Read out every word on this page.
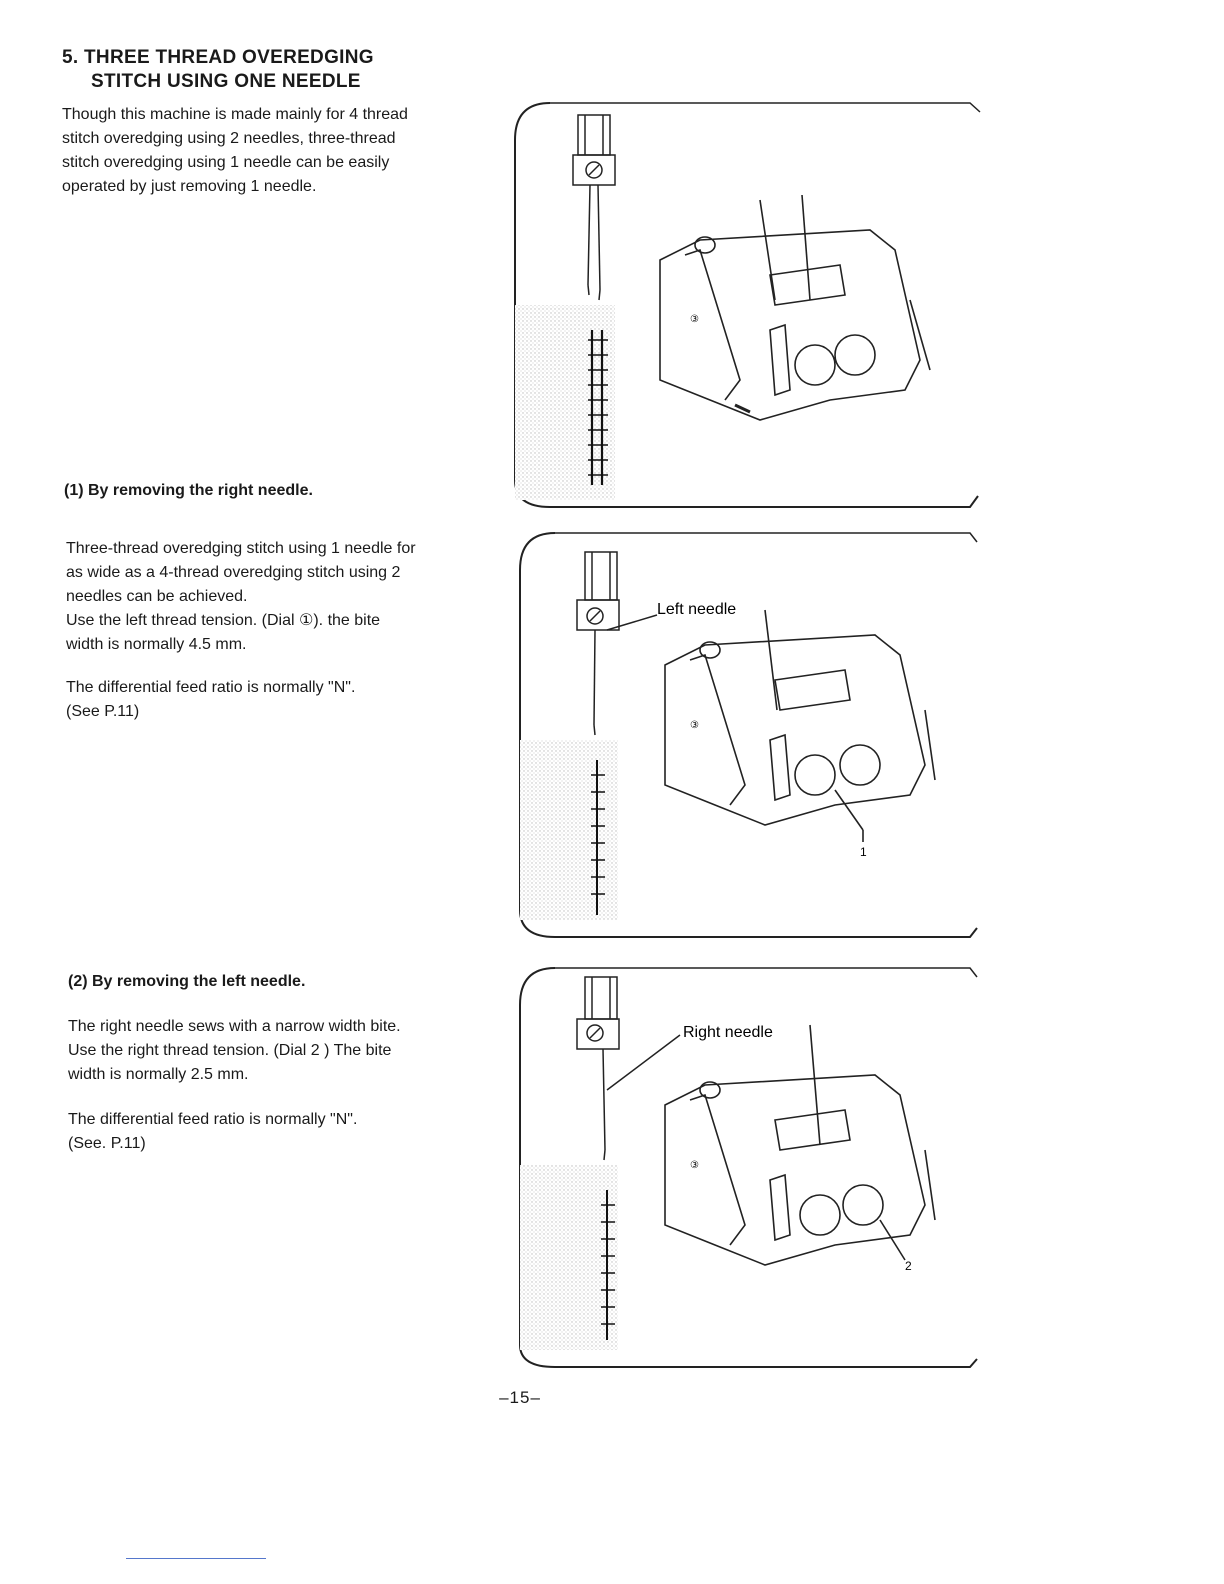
5. THREE THREAD OVEREDGING
STITCH USING ONE NEEDLE
Though this machine is made mainly for 4 thread
stitch overedging using 2 needles, three-thread
stitch overedging using 1 needle can be easily
operated by just removing 1 needle.
(1) By removing the right needle.
Three-thread overedging stitch using 1 needle for
as wide as a 4-thread overedging stitch using 2
needles can be achieved.
Use the left thread tension. (Dial ①). the bite
width is normally 4.5 mm.
The differential feed ratio is normally "N".
(See P.11)
(2) By removing the left needle.
The right needle sews with a narrow width bite.
Use the right thread tension. (Dial 2 ) The bite
width is normally 2.5 mm.
The differential feed ratio is normally "N".
(See. P.11)
③
Left needle
③
1
Right needle
③
2
–15–
